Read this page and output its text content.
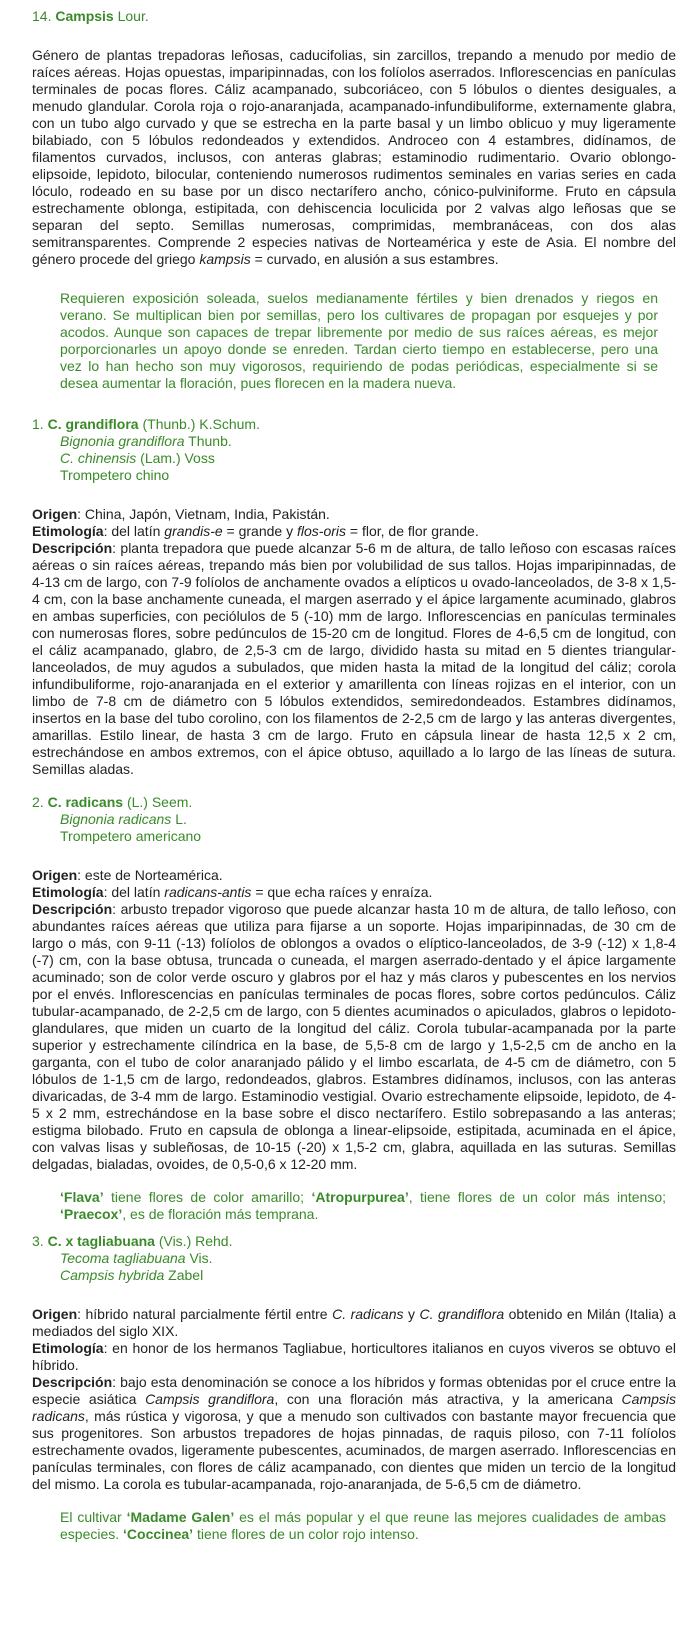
14. Campsis Lour.

Género de plantas trepadoras leñosas, caducifolias, sin zarcillos, trepando a menudo por medio de raíces aéreas. Hojas opuestas, imparipinnadas, con los folíolos aserrados. Inflorescencias en panículas terminales de pocas flores. Cáliz acampanado, subcoriáceo, con 5 lóbulos o dientes desiguales, a menudo glandular. Corola roja o rojo-anaranjada, acampanado-infundibuliforme, externamente glabra, con un tubo algo curvado y que se estrecha en la parte basal y un limbo oblicuo y muy ligeramente bilabiado, con 5 lóbulos redondeados y extendidos. Androceo con 4 estambres, didínamos, de filamentos curvados, inclusos, con anteras glabras; estaminodio rudimentario. Ovario oblongo-elipsoide, lepidoto, bilocular, conteniendo numerosos rudimentos seminales en varias series en cada lóculo, rodeado en su base por un disco nectarífero ancho, cónico-pulviniforme. Fruto en cápsula estrechamente oblonga, estipitada, con dehiscencia loculicida por 2 valvas algo leñosas que se separan del septo. Semillas numerosas, comprimidas, membranáceas, con dos alas semitransparentes. Comprende 2 especies nativas de Norteamérica y este de Asia. El nombre del género procede del griego kampsis = curvado, en alusión a sus estambres.

Requieren exposición soleada, suelos medianamente fértiles y bien drenados y riegos en verano. Se multiplican bien por semillas, pero los cultivares de propagan por esquejes y por acodos. Aunque son capaces de trepar libremente por medio de sus raíces aéreas, es mejor porporcionarles un apoyo donde se enreden. Tardan cierto tiempo en establecerse, pero una vez lo han hecho son muy vigorosos, requiriendo de podas periódicas, especialmente si se desea aumentar la floración, pues florecen en la madera nueva.

1. C. grandiflora (Thunb.) K.Schum.
Bignonia grandiflora Thunb.
C. chinensis (Lam.) Voss
Trompetero chino

Origen: China, Japón, Vietnam, India, Pakistán.

Etimología: del latín grandis-e = grande y flos-oris = flor, de flor grande.

Descripción: planta trepadora que puede alcanzar 5-6 m de altura, de tallo leñoso con escasas raíces aéreas o sin raíces aéreas, trepando más bien por volubilidad de sus tallos. Hojas imparipinnadas, de 4-13 cm de largo, con 7-9 folíolos de anchamente ovados a elípticos u ovado-lanceolados, de 3-8 x 1,5-4 cm, con la base anchamente cuneada, el margen aserrado y el ápice largamente acuminado, glabros en ambas superficies, con peciólulos de 5 (-10) mm de largo. Inflorescencias en panículas terminales con numerosas flores, sobre pedúnculos de 15-20 cm de longitud. Flores de 4-6,5 cm de longitud, con el cáliz acampanado, glabro, de 2,5-3 cm de largo, dividido hasta su mitad en 5 dientes triangular-lanceolados, de muy agudos a subulados, que miden hasta la mitad de la longitud del cáliz; corola infundibuliforme, rojo-anaranjada en el exterior y amarillenta con líneas rojizas en el interior, con un limbo de 7-8 cm de diámetro con 5 lóbulos extendidos, semiredondeados. Estambres didínamos, insertos en la base del tubo corolino, con los filamentos de 2-2,5 cm de largo y las anteras divergentes, amarillas. Estilo linear, de hasta 3 cm de largo. Fruto en cápsula linear de hasta 12,5 x 2 cm, estrechándose en ambos extremos, con el ápice obtuso, aquillado a lo largo de las líneas de sutura. Semillas aladas.

2. C. radicans (L.) Seem.
Bignonia radicans L.
Trompetero americano

Origen: este de Norteamérica.

Etimología: del latín radicans-antis = que echa raíces y enraíza.

Descripción: arbusto trepador vigoroso que puede alcanzar hasta 10 m de altura, de tallo leñoso, con abundantes raíces aéreas que utiliza para fijarse a un soporte. Hojas imparipinnadas, de 30 cm de largo o más, con 9-11 (-13) folíolos de oblongos a ovados o elíptico-lanceolados, de 3-9 (-12) x 1,8-4 (-7) cm, con la base obtusa, truncada o cuneada, el margen aserrado-dentado y el ápice largamente acuminado; son de color verde oscuro y glabros por el haz y más claros y pubescentes en los nervios por el envés. Inflorescencias en panículas terminales de pocas flores, sobre cortos pedúnculos. Cáliz tubular-acampanado, de 2-2,5 cm de largo, con 5 dientes acuminados o apiculados, glabros o lepidoto-glandulares, que miden un cuarto de la longitud del cáliz. Corola tubular-acampanada por la parte superior y estrechamente cilíndrica en la base, de 5,5-8 cm de largo y 1,5-2,5 cm de ancho en la garganta, con el tubo de color anaranjado pálido y el limbo escarlata, de 4-5 cm de diámetro, con 5 lóbulos de 1-1,5 cm de largo, redondeados, glabros. Estambres didínamos, inclusos, con las anteras divaricadas, de 3-4 mm de largo. Estaminodio vestigial. Ovario estrechamente elipsoide, lepidoto, de 4-5 x 2 mm, estrechándose en la base sobre el disco nectarífero. Estilo sobrepasando a las anteras; estigma bilobado. Fruto en capsula de oblonga a linear-elipsoide, estipitada, acuminada en el ápice, con valvas lisas y subleñosas, de 10-15 (-20) x 1,5-2 cm, glabra, aquillada en las suturas. Semillas delgadas, bialadas, ovoides, de 0,5-0,6 x 12-20 mm.

‘Flava’ tiene flores de color amarillo; ‘Atropurpurea’, tiene flores de un color más intenso; ‘Praecox’, es de floración más temprana.

3. C. x tagliabuana (Vis.) Rehd.
Tecoma tagliabuana Vis.
Campsis hybrida Zabel

Origen: híbrido natural parcialmente fértil entre C. radicans y C. grandiflora obtenido en Milán (Italia) a mediados del siglo XIX.

Etimología: en honor de los hermanos Tagliabue, horticultores italianos en cuyos viveros se obtuvo el híbrido.

Descripción: bajo esta denominación se conoce a los híbridos y formas obtenidas por el cruce entre la especie asiática Campsis grandiflora, con una floración más atractiva, y la americana Campsis radicans, más rústica y vigorosa, y que a menudo son cultivados con bastante mayor frecuencia que sus progenitores. Son arbustos trepadores de hojas pinnadas, de raquis piloso, con 7-11 folíolos estrechamente ovados, ligeramente pubescentes, acuminados, de margen aserrado. Inflorescencias en panículas terminales, con flores de cáliz acampanado, con dientes que miden un tercio de la longitud del mismo. La corola es tubular-acampanada, rojo-anaranjada, de 5-6,5 cm de diámetro.

El cultivar ‘Madame Galen’ es el más popular y el que reune las mejores cualidades de ambas especies. ‘Coccinea’ tiene flores de un color rojo intenso.
